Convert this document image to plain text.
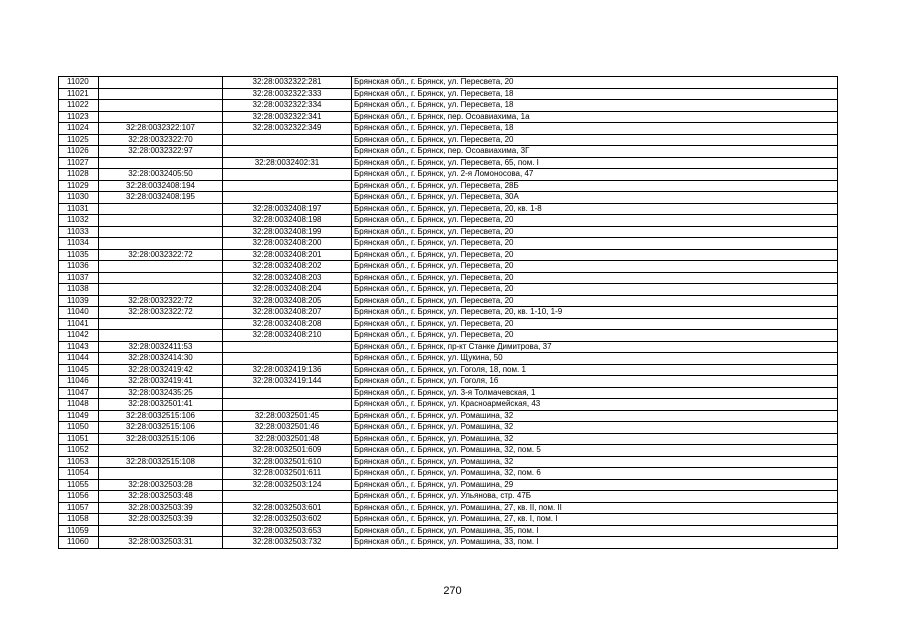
11020		32:28:0032322:281	Брянская обл., г. Брянск, ул. Пересвета, 20
11021		32:28:0032322:333	Брянская обл., г. Брянск, ул. Пересвета, 18
11022		32:28:0032322:334	Брянская обл., г. Брянск, ул. Пересвета, 18
11023		32:28:0032322:341	Брянская обл., г. Брянск, пер. Осоавиахима, 1а
11024	32:28:0032322:107	32:28:0032322:349	Брянская обл., г. Брянск, ул. Пересвета, 18
11025	32:28:0032322:70		Брянская обл., г. Брянск, ул. Пересвета, 20
11026	32:28:0032322:97		Брянская обл., г. Брянск, пер. Осоавиахима, 3Г
11027		32:28:0032402:31	Брянская обл., г. Брянск, ул. Пересвета, 65, пом. I
11028	32:28:0032405:50		Брянская обл., г. Брянск, ул. 2-я Ломоносова, 47
11029	32:28:0032408:194		Брянская обл., г. Брянск, ул. Пересвета, 28Б
11030	32:28:0032408:195		Брянская обл., г. Брянск, ул. Пересвета, 30А
11031		32:28:0032408:197	Брянская обл., г. Брянск, ул. Пересвета, 20, кв. 1-8
11032		32:28:0032408:198	Брянская обл., г. Брянск, ул. Пересвета, 20
11033		32:28:0032408:199	Брянская обл., г. Брянск, ул. Пересвета, 20
11034		32:28:0032408:200	Брянская обл., г. Брянск, ул. Пересвета, 20
11035	32:28:0032322:72	32:28:0032408:201	Брянская обл., г. Брянск, ул. Пересвета, 20
11036		32:28:0032408:202	Брянская обл., г. Брянск, ул. Пересвета, 20
11037		32:28:0032408:203	Брянская обл., г. Брянск, ул. Пересвета, 20
11038		32:28:0032408:204	Брянская обл., г. Брянск, ул. Пересвета, 20
11039	32:28:0032322:72	32:28:0032408:205	Брянская обл., г. Брянск, ул. Пересвета, 20
11040	32:28:0032322:72	32:28:0032408:207	Брянская обл., г. Брянск, ул. Пересвета, 20, кв. 1-10, 1-9
11041		32:28:0032408:208	Брянская обл., г. Брянск, ул. Пересвета, 20
11042		32:28:0032408:210	Брянская обл., г. Брянск, ул. Пересвета, 20
11043	32:28:0032411:53		Брянская обл., г. Брянск, пр-кт Станке Димитрова, 37
11044	32:28:0032414:30		Брянская обл., г. Брянск, ул. Щукина, 50
11045	32:28:0032419:42	32:28:0032419:136	Брянская обл., г. Брянск, ул. Гоголя, 18, пом. 1
11046	32:28:0032419:41	32:28:0032419:144	Брянская обл., г. Брянск, ул. Гоголя, 16
11047	32:28:0032435:25		Брянская обл., г. Брянск, ул. 3-я Толмачевская, 1
11048	32:28:0032501:41		Брянская обл., г. Брянск, ул. Красноармейская, 43
11049	32:28:0032515:106	32:28:0032501:45	Брянская обл., г. Брянск, ул. Ромашина, 32
11050	32:28:0032515:106	32:28:0032501:46	Брянская обл., г. Брянск, ул. Ромашина, 32
11051	32:28:0032515:106	32:28:0032501:48	Брянская обл., г. Брянск, ул. Ромашина, 32
11052		32:28:0032501:609	Брянская обл., г. Брянск, ул. Ромашина, 32, пом. 5
11053	32:28:0032515:108	32:28:0032501:610	Брянская обл., г. Брянск, ул. Ромашина, 32
11054		32:28:0032501:611	Брянская обл., г. Брянск, ул. Ромашина, 32, пом. 6
11055	32:28:0032503:28	32:28:0032503:124	Брянская обл., г. Брянск, ул. Ромашина, 29
11056	32:28:0032503:48		Брянская обл., г. Брянск, ул. Ульянова, стр. 47Б
11057	32:28:0032503:39	32:28:0032503:601	Брянская обл., г. Брянск, ул. Ромашина, 27, кв. II, пом. II
11058	32:28:0032503:39	32:28:0032503:602	Брянская обл., г. Брянск, ул. Ромашина, 27, кв. I, пом. I
11059		32:28:0032503:653	Брянская обл., г. Брянск, ул. Ромашина, 35, пом. I
11060	32:28:0032503:31	32:28:0032503:732	Брянская обл., г. Брянск, ул. Ромашина, 33, пом. I
270
